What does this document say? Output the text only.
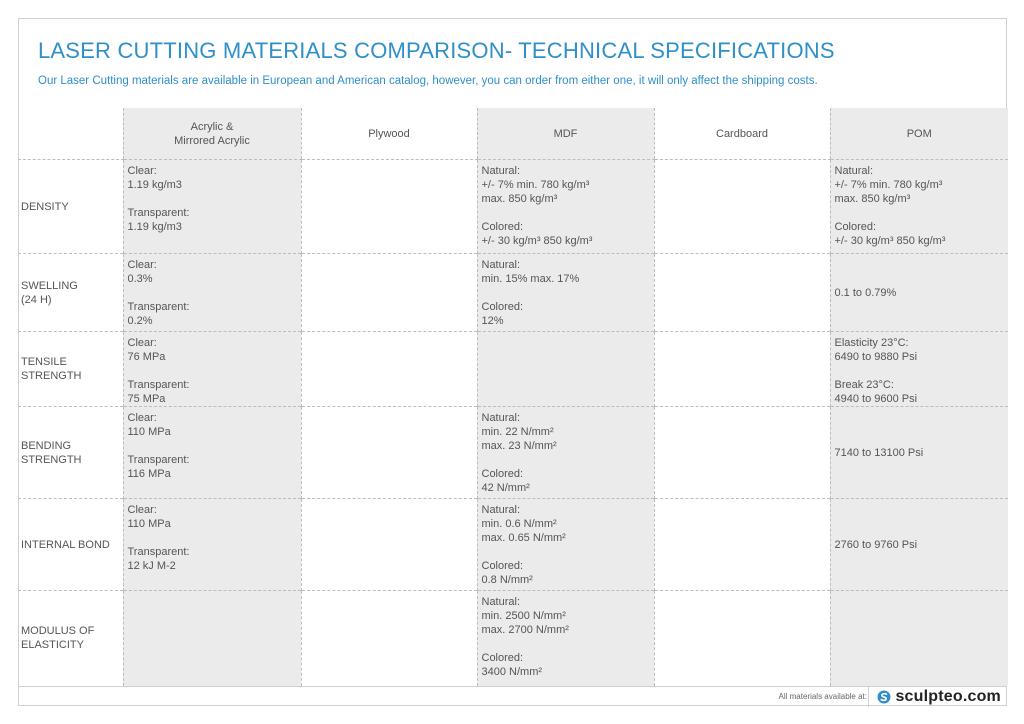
LASER CUTTING MATERIALS COMPARISON- TECHNICAL SPECIFICATIONS
Our Laser Cutting materials are available in European and American catalog, however, you can order from either one, it will only affect the shipping costs.

	Acrylic &
Mirrored Acrylic	Plywood	MDF	Cardboard	POM

DENSITY	Clear:
1.19 kg/m3
Transparent:
1.19 kg/m3		Natural:
+/- 7% min. 780 kg/m³
max. 850 kg/m³
Colored:
+/- 30 kg/m³ 850 kg/m³		Natural:
+/- 7% min. 780 kg/m³
max. 850 kg/m³
Colored:
+/- 30 kg/m³ 850 kg/m³

SWELLING
(24 H)	Clear:
0.3%
Transparent:
0.2%		Natural:
min. 15% max. 17%
Colored:
12%		0.1 to 0.79%

TENSILE
STRENGTH	Clear:
76 MPa
Transparent:
75 MPa				Elasticity 23°C:
6490 to 9880 Psi
Break 23°C:
4940 to 9600 Psi

BENDING
STRENGTH	Clear:
110 MPa
Transparent:
116 MPa		Natural:
min. 22 N/mm²
max. 23 N/mm²
Colored:
42 N/mm²		7140 to 13100 Psi

INTERNAL BOND	Clear:
110 MPa
Transparent:
12 kJ M-2		Natural:
min. 0.6 N/mm²
max. 0.65 N/mm²
Colored:
0.8 N/mm²		2760 to 9760 Psi

MODULUS OF
ELASTICITY			Natural:
min. 2500 N/mm²
max. 2700 N/mm²
Colored:
3400 N/mm²		

All materials available at: sculpteo.com
